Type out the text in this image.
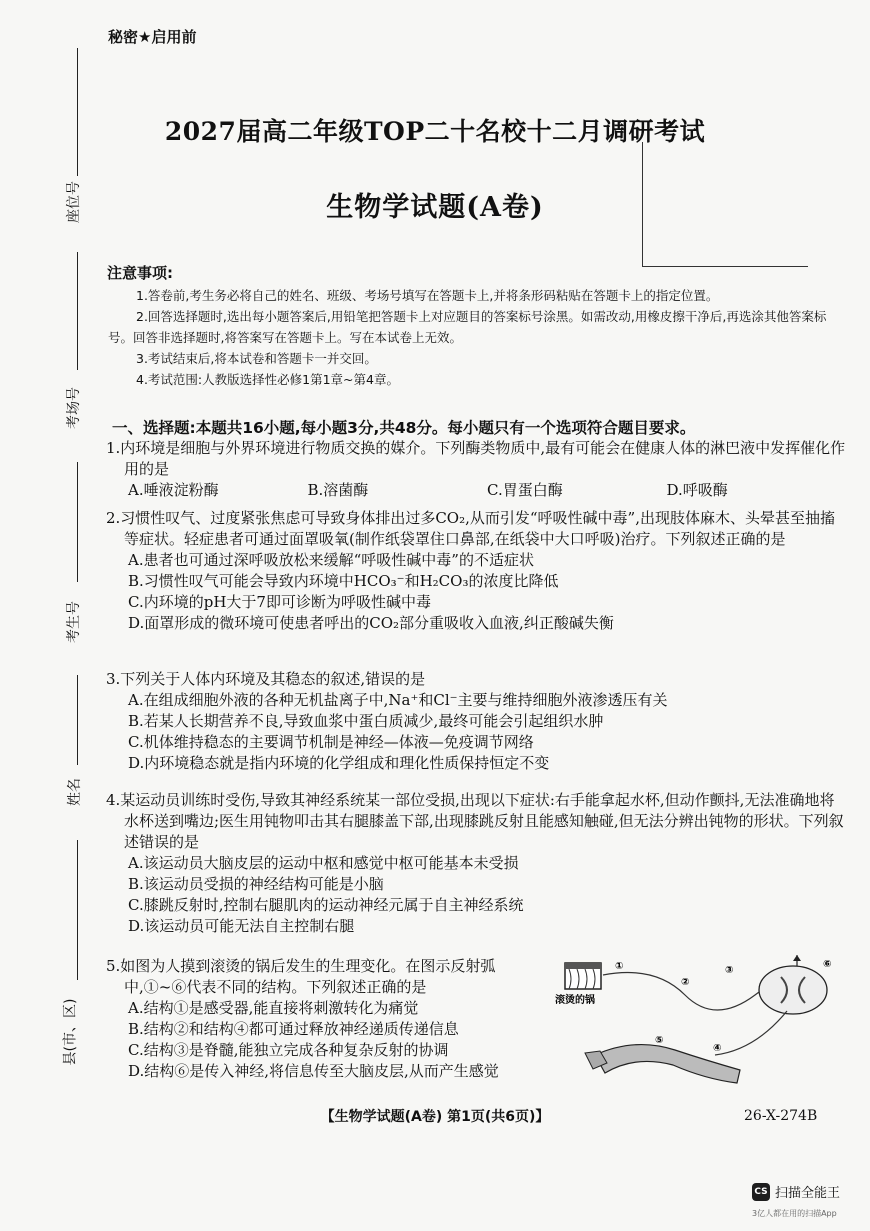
秘密★启用前
座位号
考场号
考生号
姓名
县(市、区)
2027届高二年级TOP二十名校十二月调研考试
生物学试题(A卷)
注意事项:

1.答卷前,考生务必将自己的姓名、班级、考场号填写在答题卡上,并将条形码粘贴在答题卡上的指定位置。

2.回答选择题时,选出每小题答案后,用铅笔把答题卡上对应题目的答案标号涂黑。如需改动,用橡皮擦干净后,再选涂其他答案标号。回答非选择题时,将答案写在答题卡上。写在本试卷上无效。

3.考试结束后,将本试卷和答题卡一并交回。

4.考试范围:人教版选择性必修1第1章~第4章。

一、选择题:本题共16小题,每小题3分,共48分。每小题只有一个选项符合题目要求。

1.内环境是细胞与外界环境进行物质交换的媒介。下列酶类物质中,最有可能会在健康人体的淋巴液中发挥催化作用的是

A.唾液淀粉酶	B.溶菌酶	C.胃蛋白酶	D.呼吸酶

2.习惯性叹气、过度紧张焦虑可导致身体排出过多CO₂,从而引发“呼吸性碱中毒”,出现肢体麻木、头晕甚至抽搐等症状。轻症患者可通过面罩吸氧(制作纸袋罩住口鼻部,在纸袋中大口呼吸)治疗。下列叙述正确的是

A.患者也可通过深呼吸放松来缓解“呼吸性碱中毒”的不适症状

B.习惯性叹气可能会导致内环境中HCO₃⁻和H₂CO₃的浓度比降低

C.内环境的pH大于7即可诊断为呼吸性碱中毒

D.面罩形成的微环境可使患者呼出的CO₂部分重吸收入血液,纠正酸碱失衡

3.下列关于人体内环境及其稳态的叙述,错误的是

A.在组成细胞外液的各种无机盐离子中,Na⁺和Cl⁻主要与维持细胞外液渗透压有关

B.若某人长期营养不良,导致血浆中蛋白质减少,最终可能会引起组织水肿

C.机体维持稳态的主要调节机制是神经—体液—免疫调节网络

D.内环境稳态就是指内环境的化学组成和理化性质保持恒定不变

4.某运动员训练时受伤,导致其神经系统某一部位受损,出现以下症状:右手能拿起水杯,但动作颤抖,无法准确地将水杯送到嘴边;医生用钝物叩击其右腿膝盖下部,出现膝跳反射且能感知触碰,但无法分辨出钝物的形状。下列叙述错误的是

A.该运动员大脑皮层的运动中枢和感觉中枢可能基本未受损

B.该运动员受损的神经结构可能是小脑

C.膝跳反射时,控制右腿肌肉的运动神经元属于自主神经系统

D.该运动员可能无法自主控制右腿

5.如图为人摸到滚烫的锅后发生的生理变化。在图示反射弧中,①~⑥代表不同的结构。下列叙述正确的是

A.结构①是感受器,能直接将刺激转化为痛觉

B.结构②和结构④都可通过释放神经递质传递信息

C.结构③是脊髓,能独立完成各种复杂反射的协调

D.结构⑥是传入神经,将信息传至大脑皮层,从而产生感觉

滚烫的锅
①
②
③
④
⑤
⑥
【生物学试题(A卷) 第1页(共6页)】	26-X-274B
CS 扫描全能王
3亿人都在用的扫描App
